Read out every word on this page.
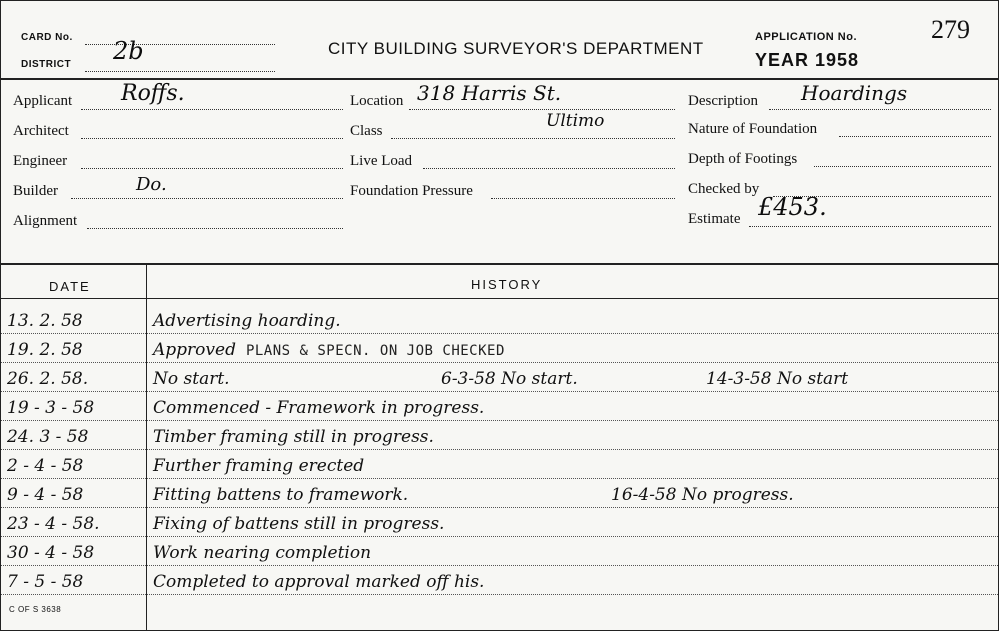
CARD No.
DISTRICT 2b	CITY BUILDING SURVEYOR'S DEPARTMENT
APPLICATION No.	279
YEAR 1958
Applicant Roffs.
Architect
Engineer
Builder	Do.
Alignment
Location 318 Harris St.
Class	Ultimo
Live Load
Foundation Pressure
Description Hoardings
Nature of Foundation
Depth of Footings
Checked by
Estimate £453.
DATE	HISTORY
13. 2. 58	Advertising hoarding.
19. 2. 58	Approved PLANS & SPECN. ON JOB CHECKED
26. 2. 58.	No start.	6-3-58 No start.	14-3-58 No start
19 - 3 - 58	Commenced - Framework in progress.
24. 3 - 58	Timber framing still in progress.
2 - 4 - 58	Further framing erected
9 - 4 - 58	Fitting battens to framework.	16-4-58 No progress.
23 - 4 - 58.	Fixing of battens still in progress.
30 - 4 - 58	Work nearing completion
7 - 5 - 58	Completed to approval marked off his.
C OF S 3638
